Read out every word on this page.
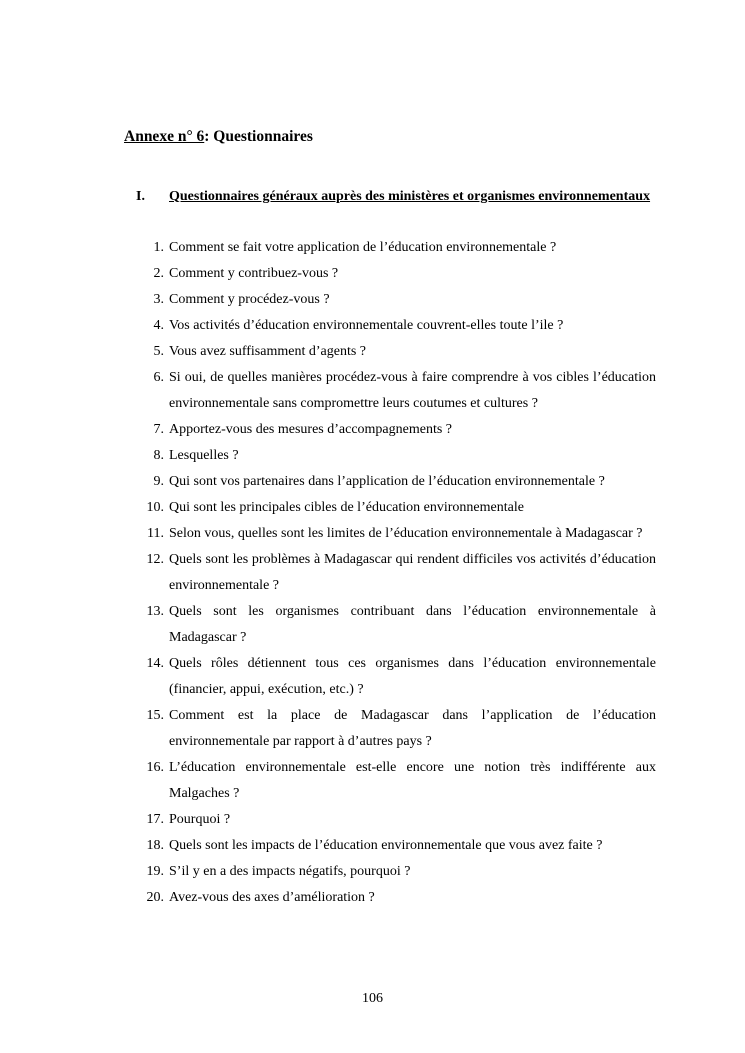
Annexe n° 6: Questionnaires
I.	Questionnaires généraux auprès des ministères et organismes environnementaux
1. Comment se fait votre application de l’éducation environnementale ?
2. Comment y contribuez-vous ?
3. Comment y procédez-vous ?
4. Vos activités d’éducation environnementale couvrent-elles toute l’ile ?
5. Vous avez suffisamment d’agents ?
6. Si oui, de quelles manières procédez-vous à faire comprendre à vos cibles l’éducation environnementale sans compromettre leurs coutumes et cultures ?
7. Apportez-vous des mesures d’accompagnements ?
8. Lesquelles ?
9. Qui sont vos partenaires dans l’application de l’éducation environnementale ?
10. Qui sont les principales cibles de l’éducation environnementale
11. Selon vous, quelles sont les limites de l’éducation environnementale à Madagascar ?
12. Quels sont les problèmes à Madagascar qui rendent difficiles vos activités d’éducation environnementale ?
13. Quels sont les organismes contribuant dans l’éducation environnementale à Madagascar ?
14. Quels rôles détiennent tous ces organismes dans l’éducation environnementale (financier, appui, exécution, etc.) ?
15. Comment est la place de Madagascar dans l’application de l’éducation environnementale par rapport à d’autres pays ?
16. L’éducation environnementale est-elle encore une notion très indifférente aux Malgaches ?
17. Pourquoi ?
18. Quels sont les impacts de l’éducation environnementale que vous avez faite ?
19. S’il y en a des impacts négatifs, pourquoi ?
20. Avez-vous des axes d’amélioration ?
106
